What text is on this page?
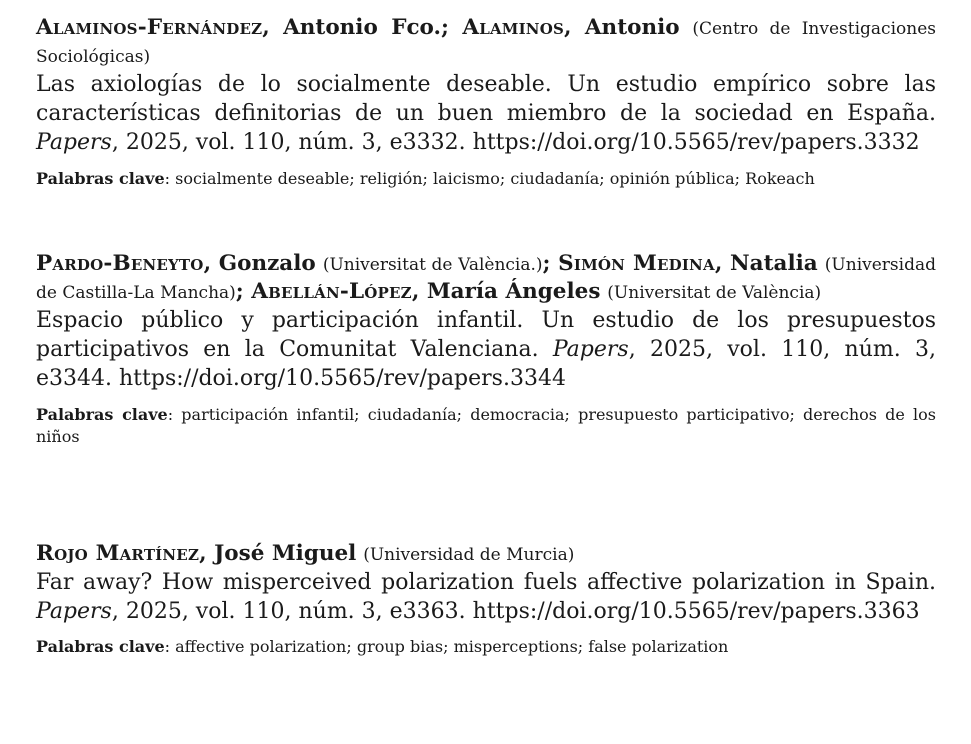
Alaminos-Fernández, Antonio Fco.; Alaminos, Antonio (Centro de Investigaciones Sociológicas)

Las axiologías de lo socialmente deseable. Un estudio empírico sobre las características definitorias de un buen miembro de la sociedad en España. Papers, 2025, vol. 110, núm. 3, e3332. https://doi.org/10.5565/rev/papers.3332

Palabras clave: socialmente deseable; religión; laicismo; ciudadanía; opinión pública; Rokeach

Pardo-Beneyto, Gonzalo (Universitat de València.); Simón Medina, Natalia (Universidad de Castilla-La Mancha); Abellán-López, María Ángeles (Universitat de València)

Espacio público y participación infantil. Un estudio de los presupuestos participativos en la Comunitat Valenciana. Papers, 2025, vol. 110, núm. 3, e3344. https://doi.org/10.5565/rev/papers.3344

Palabras clave: participación infantil; ciudadanía; democracia; presupuesto participativo; derechos de los niños

Rojo Martínez, José Miguel (Universidad de Murcia)

Far away? How misperceived polarization fuels affective polarization in Spain. Papers, 2025, vol. 110, núm. 3, e3363. https://doi.org/10.5565/rev/papers.3363

Palabras clave: affective polarization; group bias; misperceptions; false polarization
